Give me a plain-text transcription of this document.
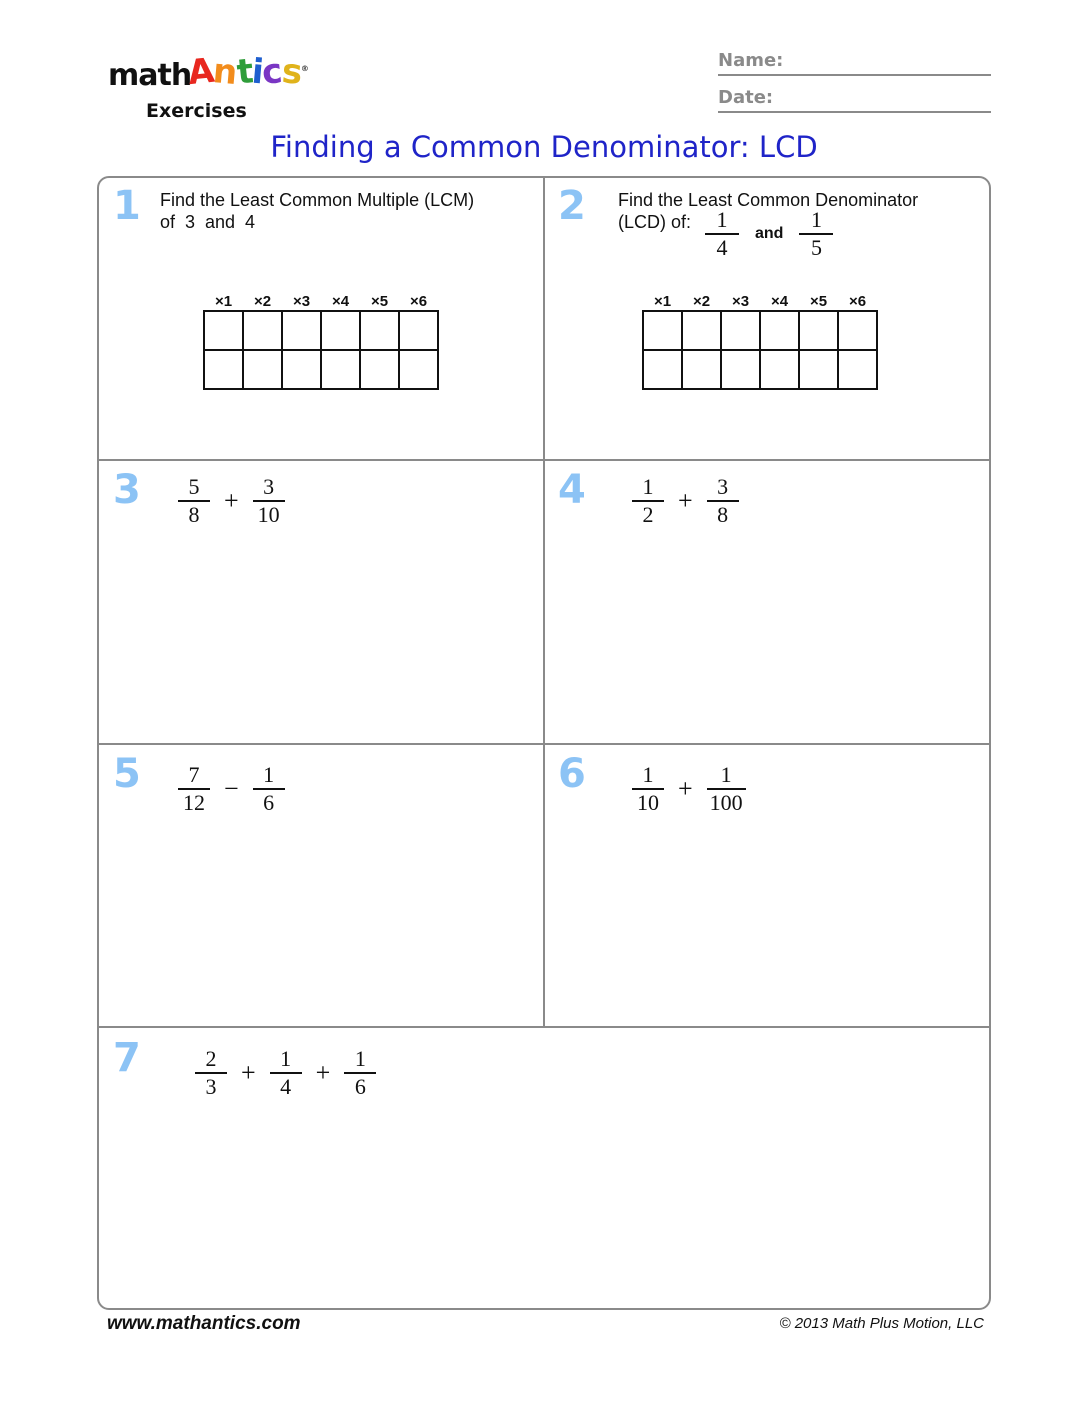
math
Antics®
Exercises
Name:
Date:
Finding a Common Denominator: LCD
1 Find the Least Common Multiple (LCM)
of  3  and  4
×1	×2	×3	×4	×5	×6

2 Find the Least Common Denominator
(LCD) of: $\frac{1}{4}$ and $\frac{1}{5}$
×1	×2	×3	×4	×5	×6

$3 \frac{5}{8} + \frac{3}{10}$	$4 \frac{1}{2} + \frac{3}{8}$
$5 \frac{7}{12} - \frac{1}{6}$	$6 \frac{1}{10} + \frac{1}{100}$
$7 \frac{2}{3} + \frac{1}{4} + \frac{1}{6}$
www.mathantics.com	© 2013 Math Plus Motion, LLC
